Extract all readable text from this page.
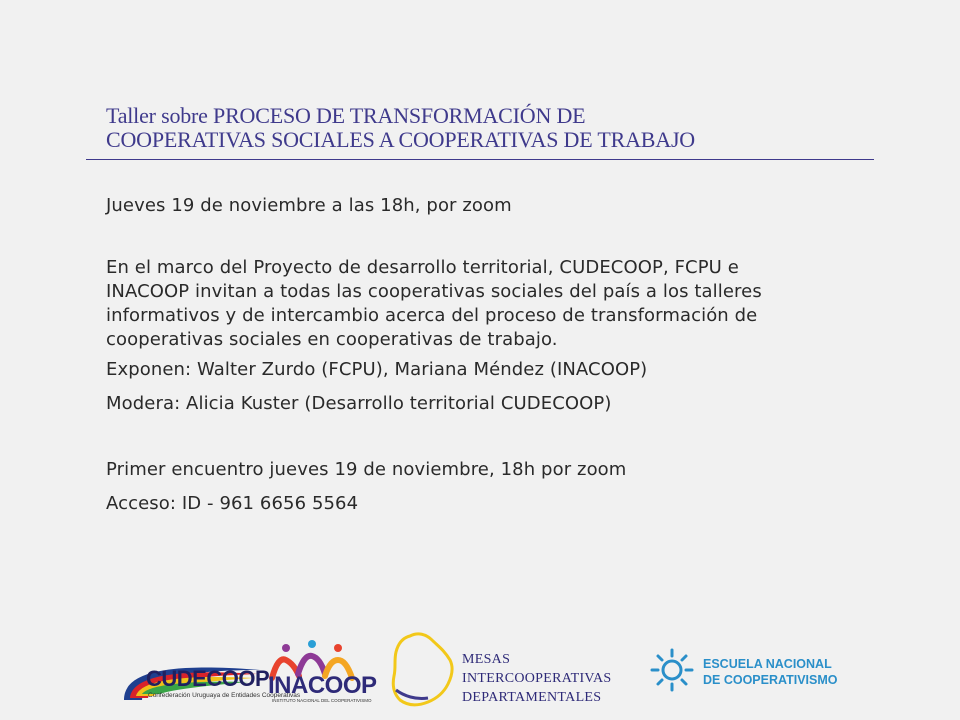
Taller sobre PROCESO DE TRANSFORMACIÓN DE
COOPERATIVAS SOCIALES A COOPERATIVAS DE TRABAJO

Jueves 19 de noviembre a las 18h, por zoom

En el marco del Proyecto de desarrollo territorial, CUDECOOP, FCPU e INACOOP invitan a todas las cooperativas sociales del país a los talleres informativos y de intercambio acerca del proceso de transformación de cooperativas sociales en cooperativas de trabajo.

Exponen: Walter Zurdo (FCPU), Mariana Méndez (INACOOP)

Modera: Alicia Kuster (Desarrollo territorial CUDECOOP)

Primer encuentro jueves 19 de noviembre, 18h por zoom

Acceso: ID - 961 6656 5564

CUDECOOP
Confederación Uruguaya de Entidades Cooperativas
INACOOP
INSTITUTO NACIONAL DEL COOPERATIVISMO
MESAS
INTERCOOPERATIVAS
DEPARTAMENTALES
ESCUELA NACIONAL
DE COOPERATIVISMO
